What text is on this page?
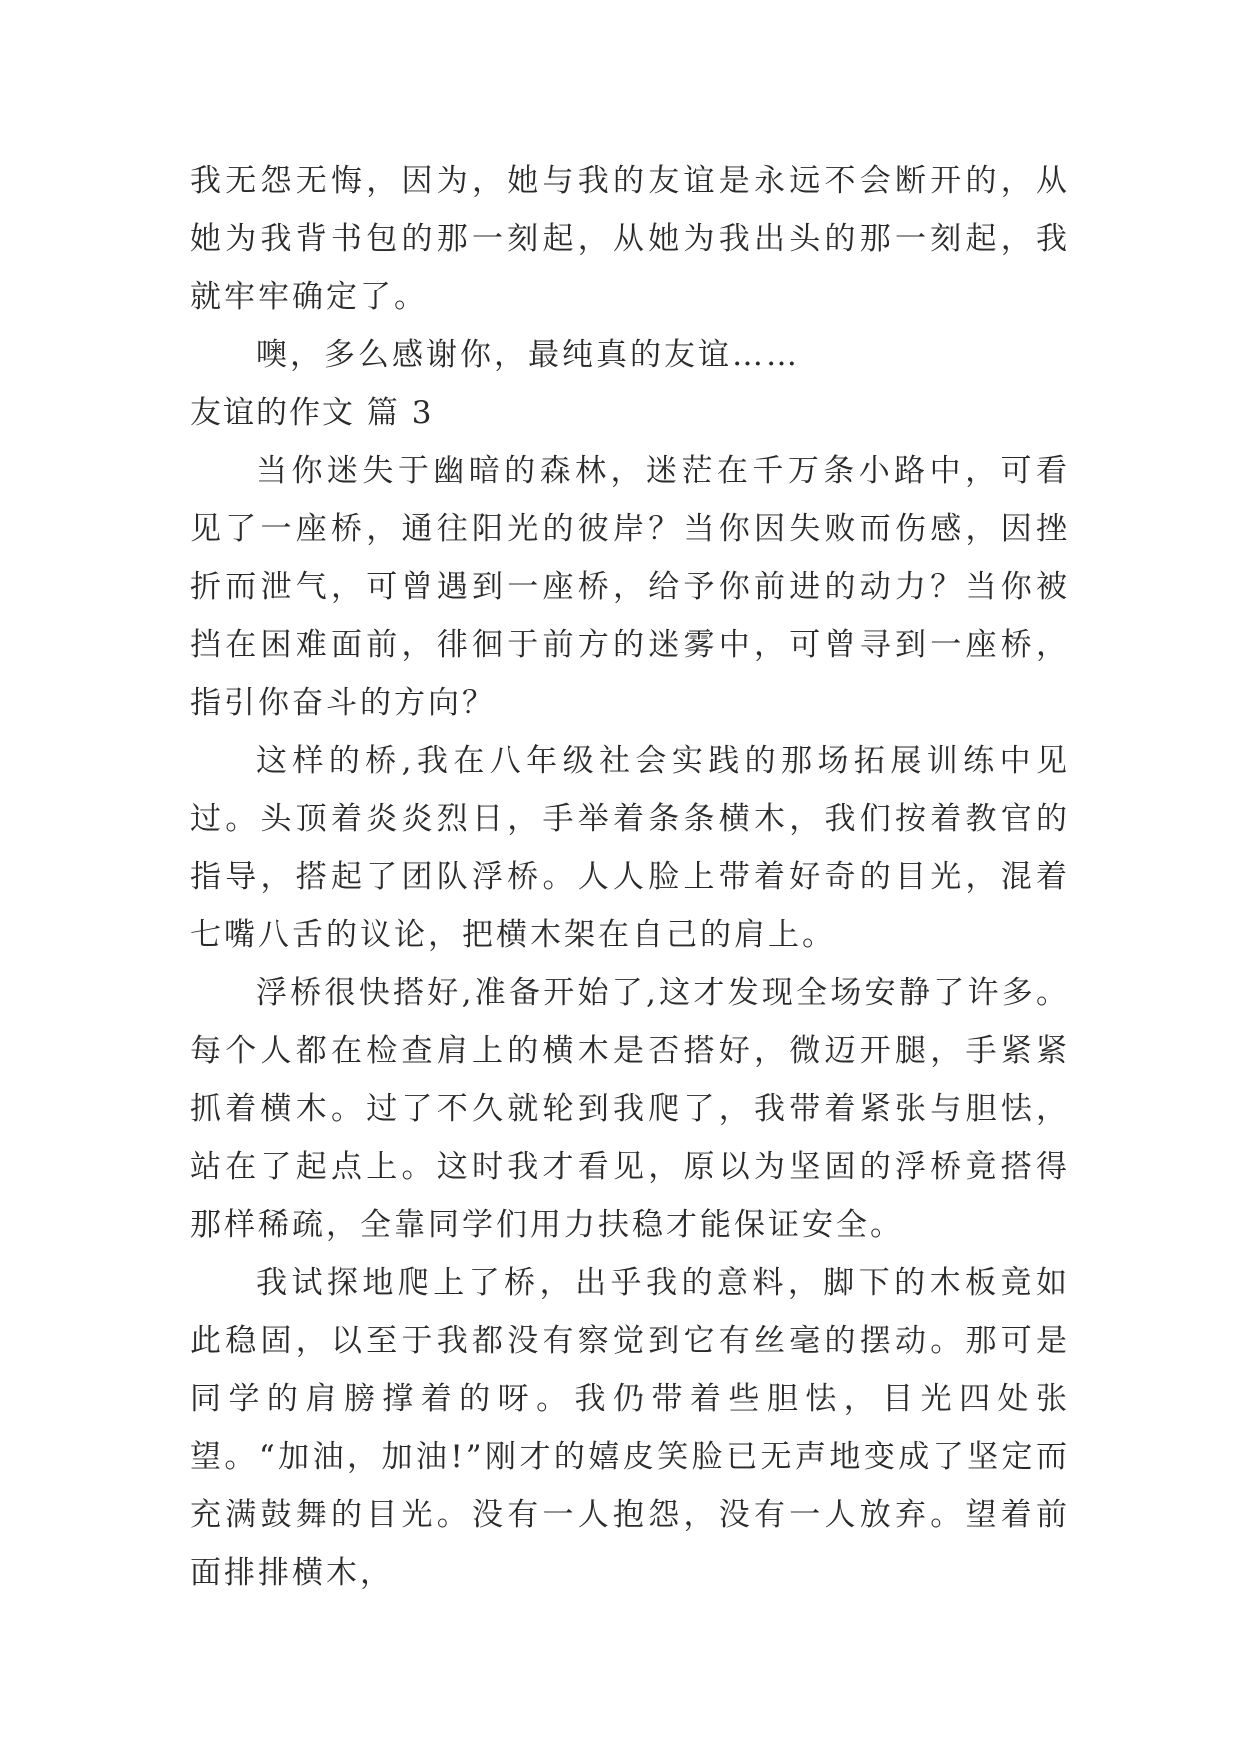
我无怨无悔，因为，她与我的友谊是永远不会断开的，从她为我背书包的那一刻起，从她为我出头的那一刻起，我就牢牢确定了。

噢，多么感谢你，最纯真的友谊……

友谊的作文 篇 3

当你迷失于幽暗的森林，迷茫在千万条小路中，可看见了一座桥，通往阳光的彼岸？当你因失败而伤感，因挫折而泄气，可曾遇到一座桥，给予你前进的动力？当你被挡在困难面前，徘徊于前方的迷雾中，可曾寻到一座桥，指引你奋斗的方向？

这样的桥,我在八年级社会实践的那场拓展训练中见过。头顶着炎炎烈日，手举着条条横木，我们按着教官的指导，搭起了团队浮桥。人人脸上带着好奇的目光，混着七嘴八舌的议论，把横木架在自己的肩上。

浮桥很快搭好,准备开始了,这才发现全场安静了许多。每个人都在检查肩上的横木是否搭好，微迈开腿，手紧紧抓着横木。过了不久就轮到我爬了，我带着紧张与胆怯，站在了起点上。这时我才看见，原以为坚固的浮桥竟搭得那样稀疏，全靠同学们用力扶稳才能保证安全。

我试探地爬上了桥，出乎我的意料，脚下的木板竟如此稳固，以至于我都没有察觉到它有丝毫的摆动。那可是同学的肩膀撑着的呀。我仍带着些胆怯，目光四处张望。“加油，加油!”刚才的嬉皮笑脸已无声地变成了坚定而充满鼓舞的目光。没有一人抱怨，没有一人放弃。望着前面排排横木，
